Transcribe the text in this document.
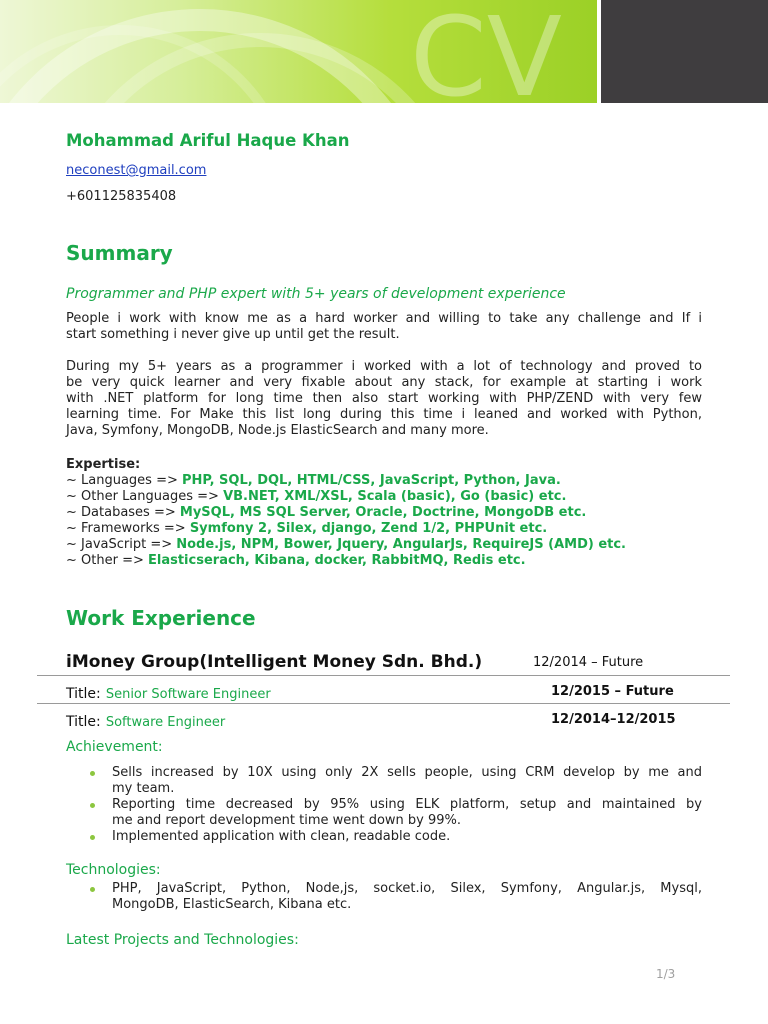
CV
Mohammad Ariful Haque Khan
neconest@gmail.com
+601125835408
Summary
Programmer and PHP expert with 5+ years of development experience
People i work with know me as a hard worker and willing to take any challenge and If i
start something i never give up until get the result.
During my 5+ years as a programmer i worked with a lot of technology and proved to
be very quick learner and very fixable about any stack, for example at starting i work
with .NET platform for long time then also start working with PHP/ZEND with very few
learning time. For Make this list long during this time i leaned and worked with Python,
Java, Symfony, MongoDB, Node.js ElasticSearch and many more.
Expertise:
~ Languages => PHP, SQL, DQL, HTML/CSS, JavaScript, Python, Java.
~ Other Languages => VB.NET, XML/XSL, Scala (basic), Go (basic) etc.
~ Databases => MySQL, MS SQL Server, Oracle, Doctrine, MongoDB etc.
~ Frameworks => Symfony 2, Silex, django, Zend 1/2, PHPUnit etc.
~ JavaScript => Node.js, NPM, Bower, Jquery, AngularJs, RequireJS (AMD) etc.
~ Other => Elasticserach, Kibana, docker, RabbitMQ, Redis etc.
Work Experience
iMoney Group(Intelligent Money Sdn. Bhd.)	12/2014 – Future
Title: Senior Software Engineer	12/2015 – Future
Title: Software Engineer	12/2014–12/2015
Achievement:
Sells increased by 10X using only 2X sells people, using CRM develop by me and
my team.
Reporting time decreased by 95% using ELK platform, setup and maintained by
me and report development time went down by 99%.
Implemented application with clean, readable code.
Technologies:
PHP, JavaScript, Python, Node,js, socket.io, Silex, Symfony, Angular.js, Mysql,
MongoDB, ElasticSearch, Kibana etc.
Latest Projects and Technologies:
1/3
